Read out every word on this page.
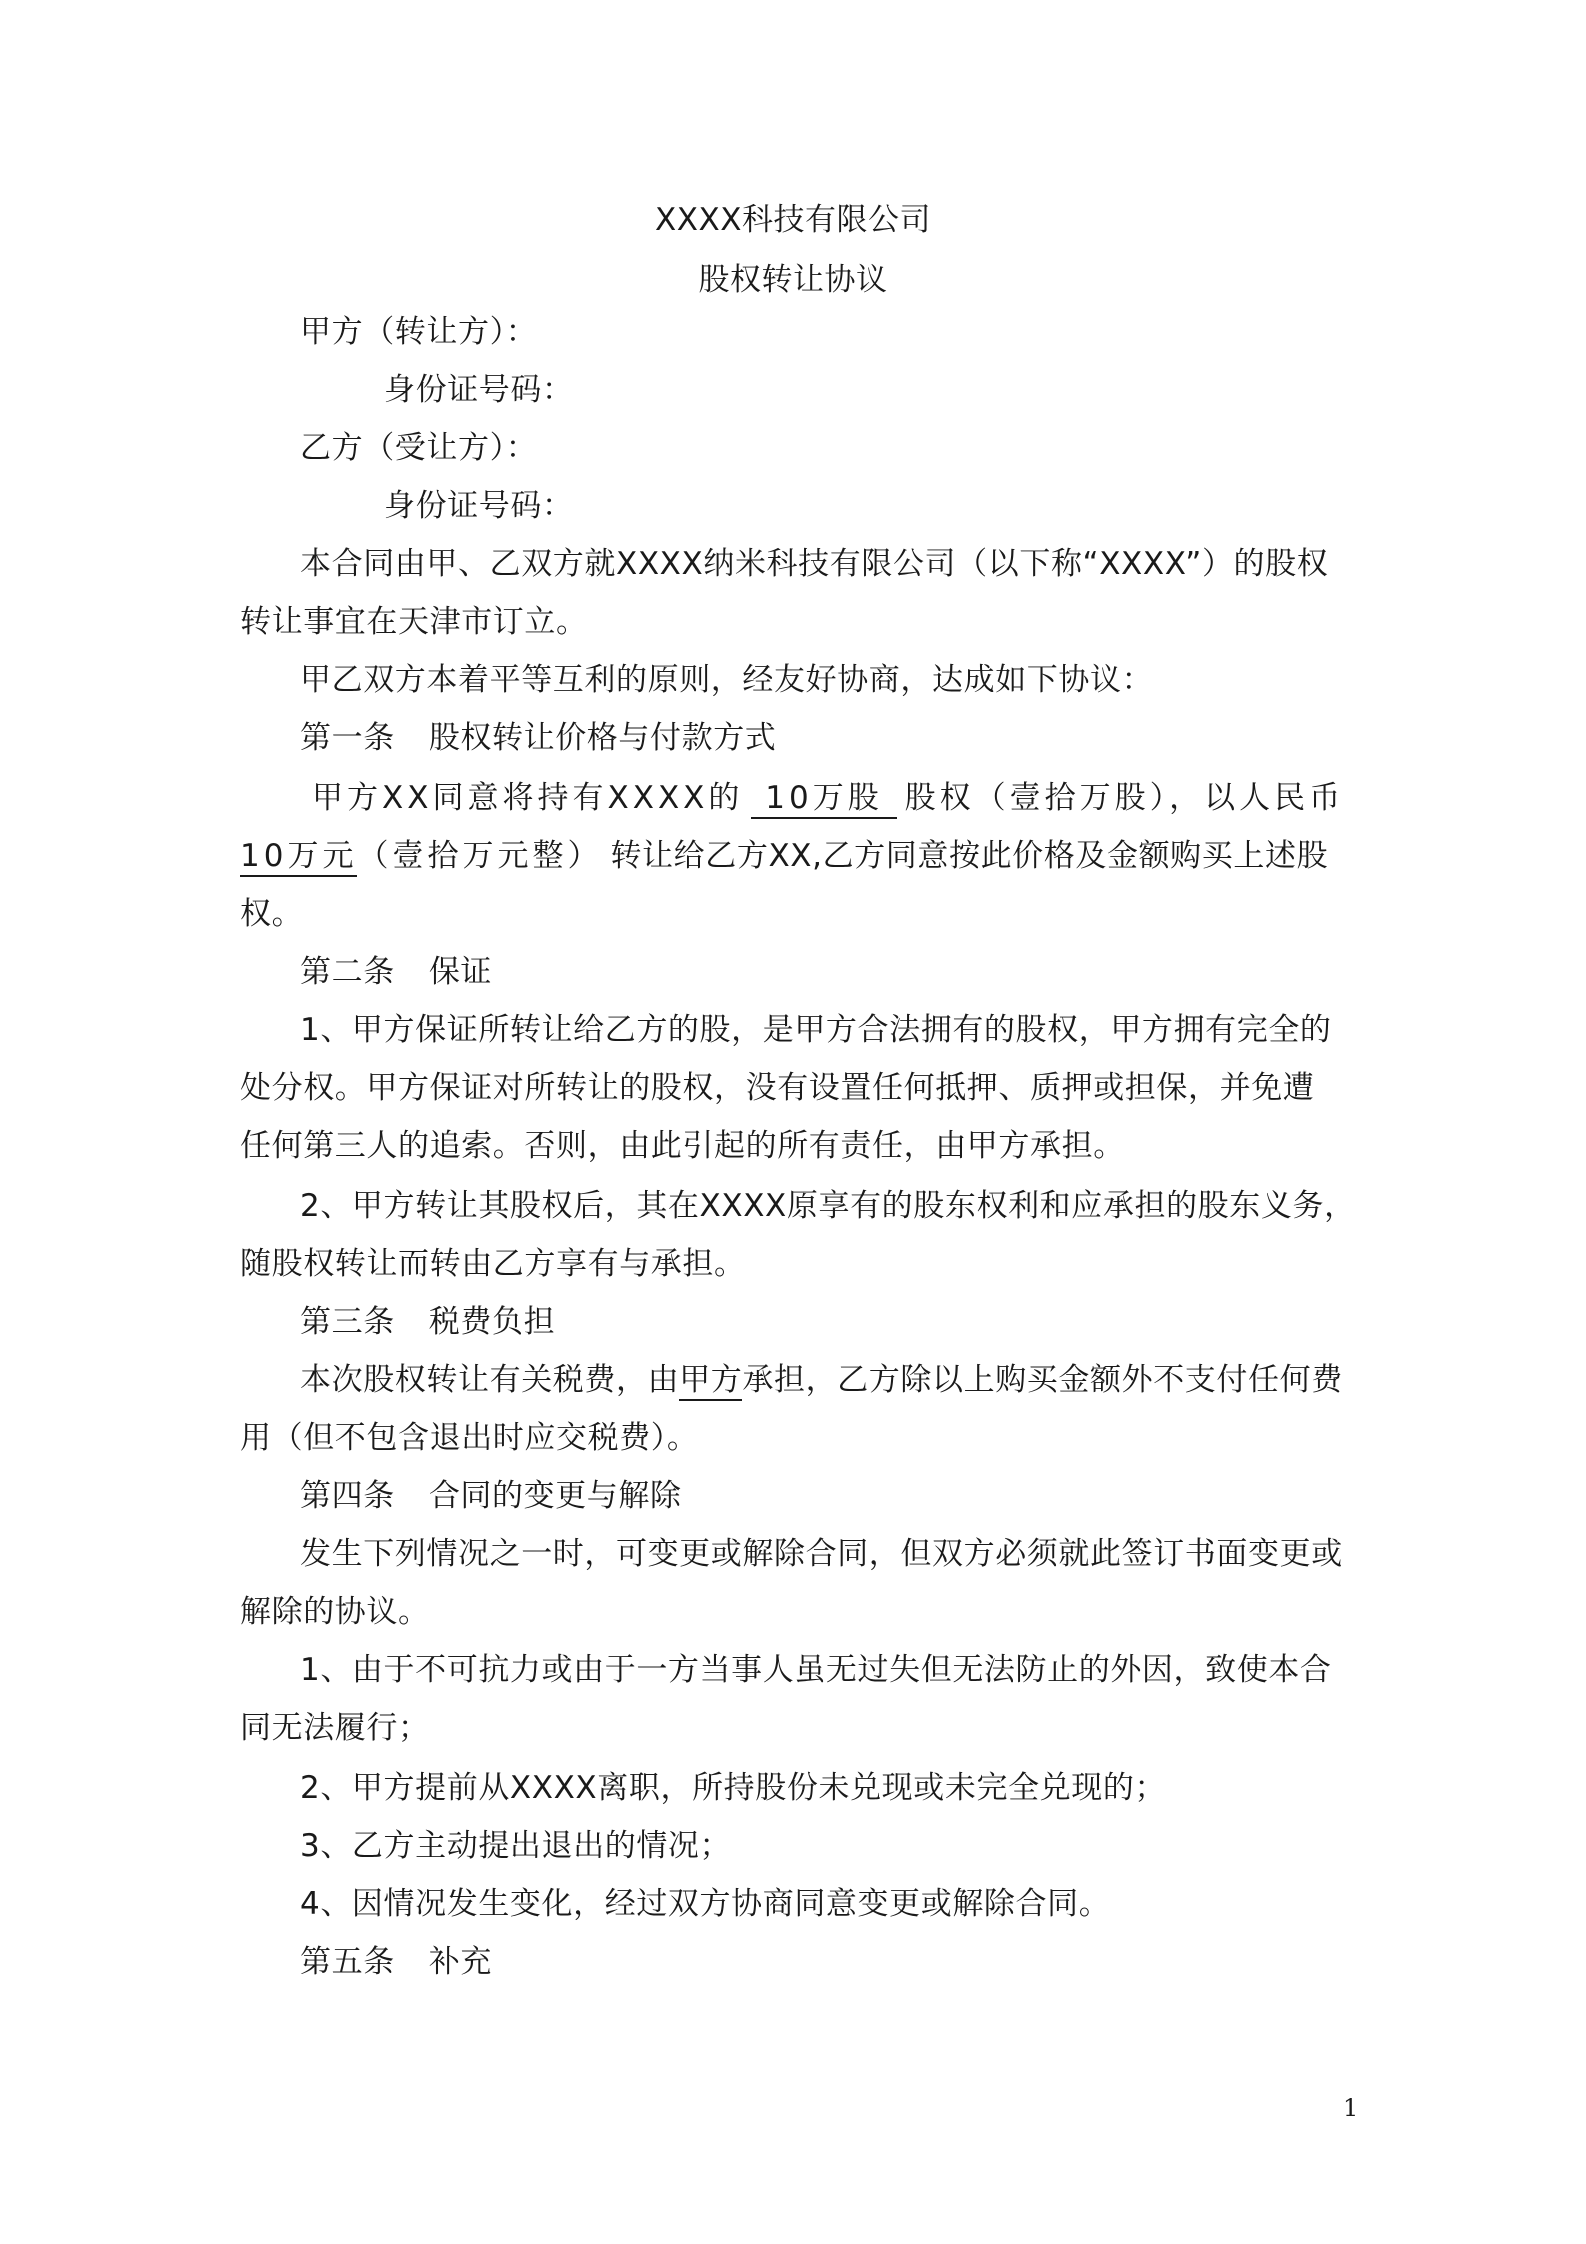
XXXX科技有限公司
股权转让协议
甲方（转让方）：
身份证号码：
乙方（受让方）：
身份证号码：
本合同由甲、乙双方就XXXX纳米科技有限公司（以下称“XXXX”）的股权
转让事宜在天津市订立。
甲乙双方本着平等互利的原则，经友好协商，达成如下协议：
第一条 股权转让价格与付款方式
甲方XX同意将持有XXXX的 10万股 股权（壹拾万股），以人民币
10万元（壹拾万元整） 转让给乙方XX,乙方同意按此价格及金额购买上述股
权。
第二条 保证
1、甲方保证所转让给乙方的股，是甲方合法拥有的股权，甲方拥有完全的
处分权。甲方保证对所转让的股权，没有设置任何抵押、质押或担保，并免遭
任何第三人的追索。否则，由此引起的所有责任，由甲方承担。
2、甲方转让其股权后，其在XXXX原享有的股东权利和应承担的股东义务，
随股权转让而转由乙方享有与承担。
第三条 税费负担
本次股权转让有关税费，由甲方承担，乙方除以上购买金额外不支付任何费
用（但不包含退出时应交税费）。
第四条 合同的变更与解除
发生下列情况之一时，可变更或解除合同，但双方必须就此签订书面变更或
解除的协议。
1、由于不可抗力或由于一方当事人虽无过失但无法防止的外因，致使本合
同无法履行；
2、甲方提前从XXXX离职，所持股份未兑现或未完全兑现的；
3、乙方主动提出退出的情况；
4、因情况发生变化，经过双方协商同意变更或解除合同。
第五条 补充
1
